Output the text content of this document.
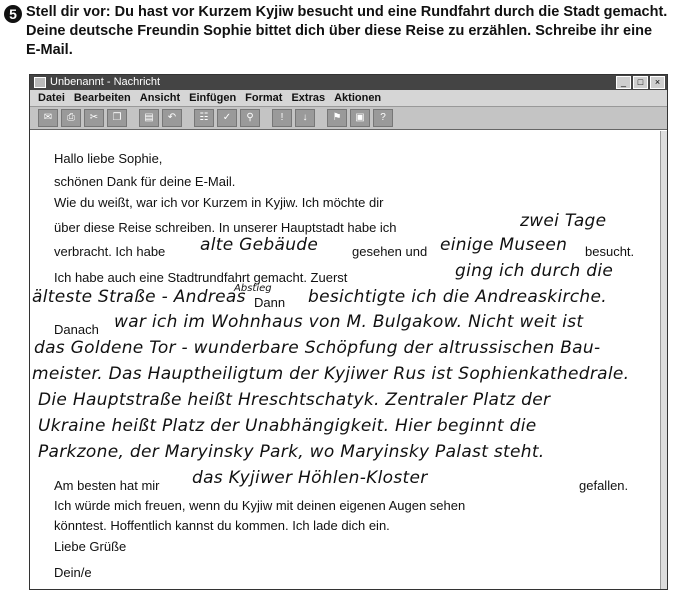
5 Stell dir vor: Du hast vor Kurzem Kyjiw besucht und eine Rundfahrt durch die Stadt gemacht. Deine deutsche Freundin Sophie bittet dich über diese Reise zu erzählen. Schreibe ihr eine E-Mail.
Unbenannt - Nachricht	_	□	×
Datei Bearbeiten Ansicht Einfügen Format Extras Aktionen
✉	⎙	✂	❐	▤	↶	☷	✓	⚲	!	↓	⚑	▣	?
Hallo liebe Sophie,
schönen Dank für deine E-Mail.
Wie du weißt, war ich vor Kurzem in Kyjiw. Ich möchte dir
über diese Reise schreiben. In unserer Hauptstadt habe ich	zwei Tage
verbracht. Ich habe alte Gebäude	gesehen und einige Museen besucht.
Ich habe auch eine Stadtrundfahrt gemacht. Zuerst	ging ich durch die
älteste Straße - Andreas
Abstieg
Dann besichtigte ich die Andreaskirche.
Danach war ich im Wohnhaus von M. Bulgakow. Nicht weit ist
das Goldene Tor - wunderbare Schöpfung der altrussischen Bau-
meister. Das Hauptheiligtum der Kyjiwer Rus ist Sophienkathedrale.
Die Hauptstraße heißt Hreschtschatyk. Zentraler Platz der
Ukraine heißt Platz der Unabhängigkeit. Hier beginnt die
Parkzone, der Maryinsky Park, wo Maryinsky Palast steht.
Am besten hat mir das Kyjiwer Höhlen-Kloster	gefallen.
Ich würde mich freuen, wenn du Kyjiw mit deinen eigenen Augen sehen
könntest. Hoffentlich kannst du kommen. Ich lade dich ein.
Liebe Grüße
Dein/e
